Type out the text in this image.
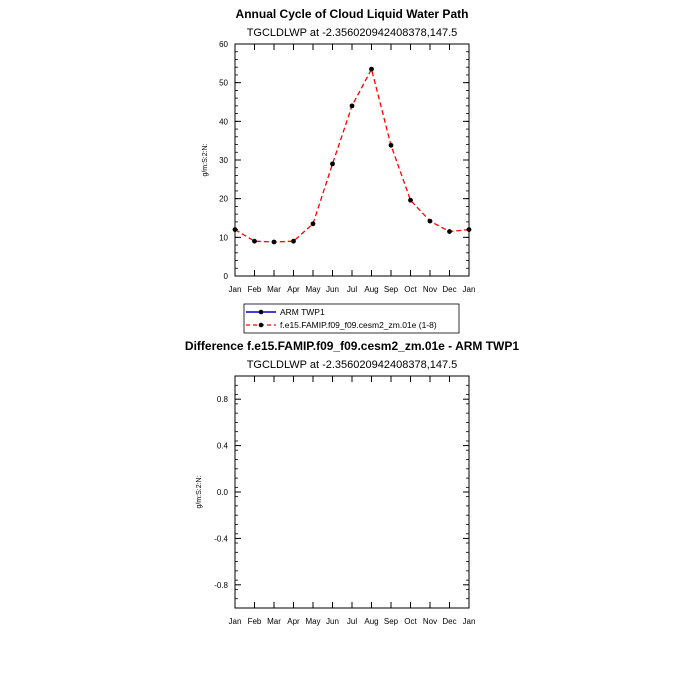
Annual Cycle of Cloud Liquid Water Path
TGCLDLWP at -2.356020942408378,147.5
0
10
20
30
40
50
60
Jan Feb Mar Apr May Jun Jul Aug Sep Oct Nov Dec Jan
g/m:S:2:N:
ARM TWP1
f.e15.FAMIP.f09_f09.cesm2_zm.01e (1-8)
Difference f.e15.FAMIP.f09_f09.cesm2_zm.01e - ARM TWP1
TGCLDLWP at -2.356020942408378,147.5
-0.8
-0.4
0.0
0.4
0.8
Jan Feb Mar Apr May Jun Jul Aug Sep Oct Nov Dec Jan
g/m:S:2:N:
